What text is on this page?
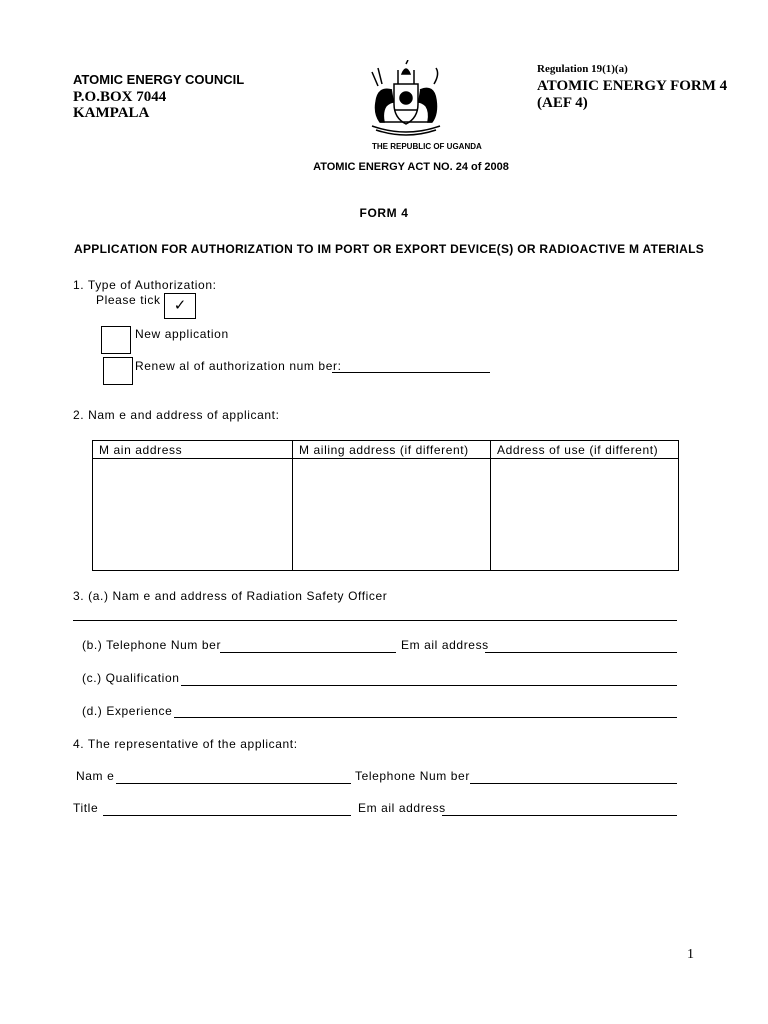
ATOMIC ENERGY COUNCIL
P.O.BOX 7044
KAMPALA
THE REPUBLIC OF UGANDA
Regulation 19(1)(a)
ATOMIC ENERGY FORM 4
(AEF 4)
ATOMIC ENERGY ACT NO. 24 of 2008
FORM 4
APPLICATION FOR AUTHORIZATION TO IM PORT OR EXPORT DEVICE(S) OR RADIOACTIVE M ATERIALS
1. Type of Authorization:
Please tick ✓
New application
Renew al of authorization num ber:
2. Nam e and address of applicant:
M ain address	M ailing address (if different)	Address of use (if different)

3. (a.) Nam e and address of Radiation Safety Officer
(b.) Telephone Num ber	Em ail address
(c.) Qualification
(d.) Experience
4. The representative of the applicant:
Nam e	Telephone Num ber
Title	Em ail address
1
